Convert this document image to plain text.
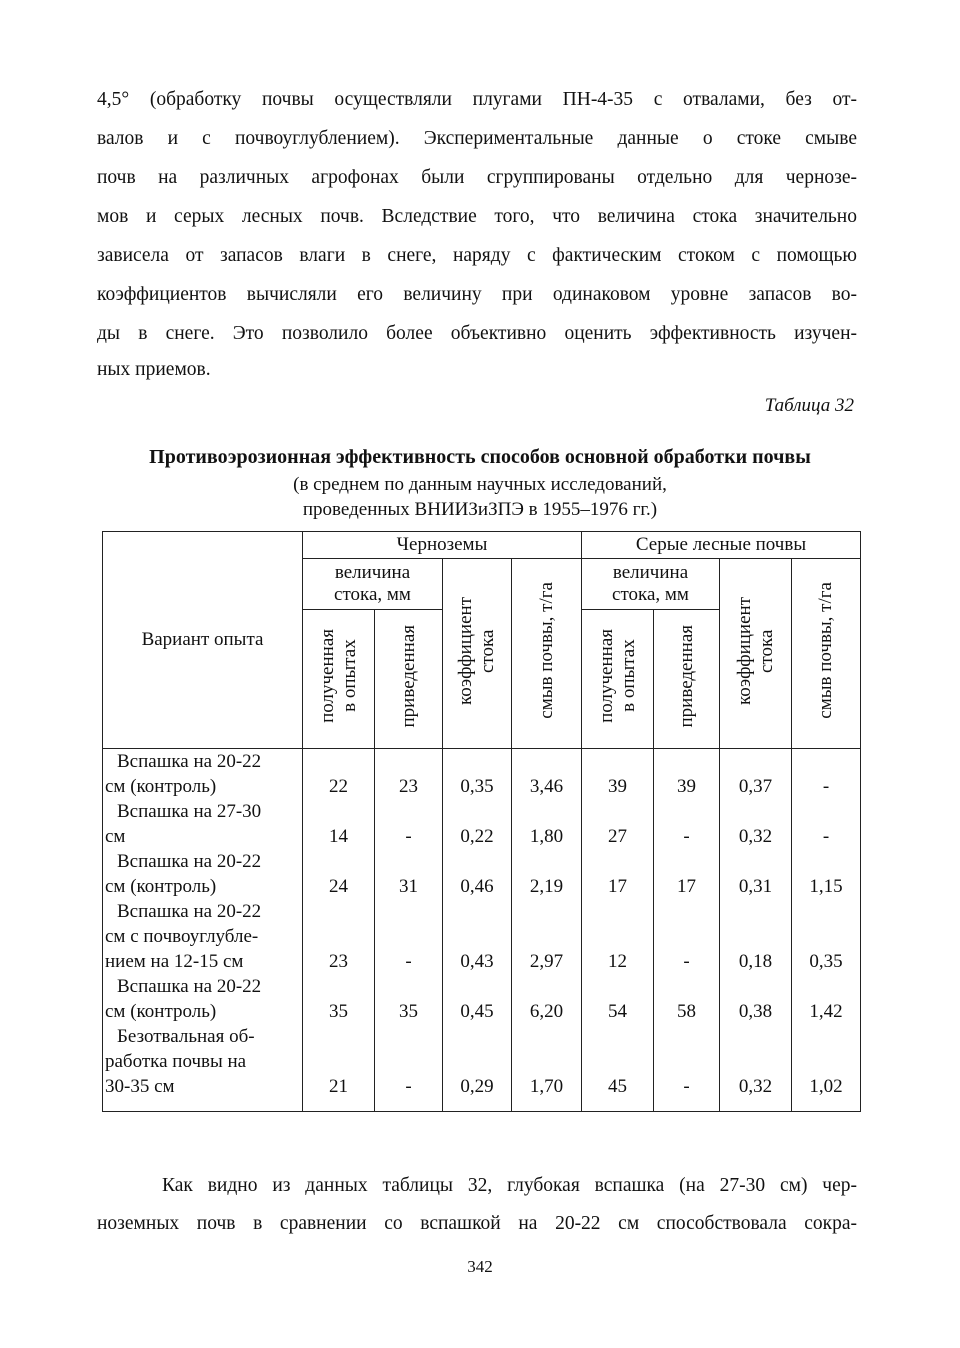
4,5° (обработку почвы осуществляли плугами ПН-4-35 с отвалами, без от-
валов и с почвоуглублением). Экспериментальные данные о стоке смыве
почв на различных агрофонах были сгруппированы отдельно для чернозе-
мов и серых лесных почв. Вследствие того, что величина стока значительно
зависела от запасов влаги в снеге, наряду с фактическим стоком с помощью
коэффициентов вычисляли его величину при одинаковом уровне запасов во-
ды в снеге. Это позволило более объективно оценить эффективность изучен-
ных приемов.
Таблица 32
Противоэрозионная эффективность способов основной обработки почвы
(в среднем по данным научных исследований,
проведенных ВНИИЗиЗПЭ в 1955–1976 гг.)
Вариант опыта	Черноземы				Серые лесные почвы			
	величина
стока, мм		коэффициент
стока	смыв почвы, т/га	величина
стока, мм		коэффициент
стока	смыв почвы, т/га
	полученная
в опытах	приведенная			полученная
в опытах	приведенная		
Вспашка на 20-22								
см (контроль)	22	23	0,35	3,46	39	39	0,37	-
Вспашка на 27-30								
см	14	-	0,22	1,80	27	-	0,32	-
Вспашка на 20-22								
см (контроль)	24	31	0,46	2,19	17	17	0,31	1,15
Вспашка на 20-22								
см с почвоуглубле-								
нием на 12-15 см	23	-	0,43	2,97	12	-	0,18	0,35
Вспашка на 20-22								
см (контроль)	35	35	0,45	6,20	54	58	0,38	1,42
Безотвальная об-								
работка почвы на								
30-35 см	21	-	0,29	1,70	45	-	0,32	1,02

Как видно из данных таблицы 32, глубокая вспашка (на 27-30 см) чер-
ноземных почв в сравнении со вспашкой на 20-22 см способствовала сокра-
342
